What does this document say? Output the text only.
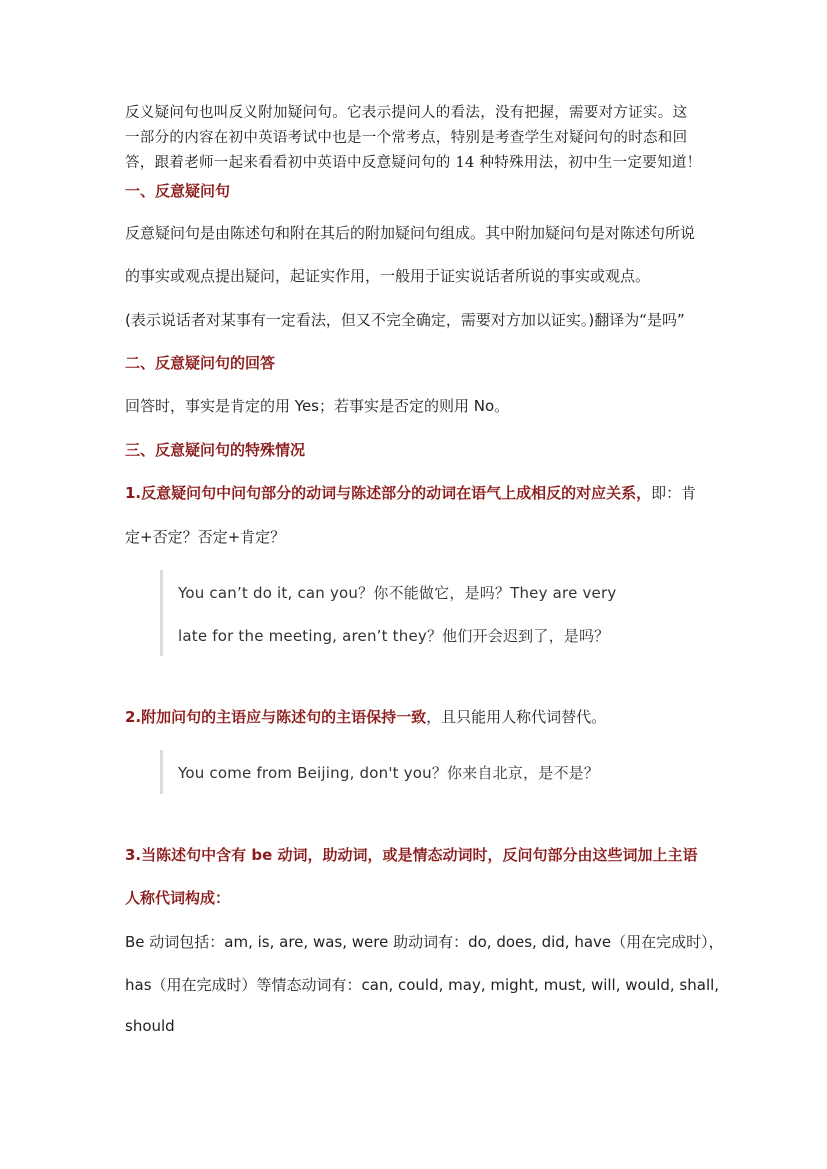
反义疑问句也叫反义附加疑问句。它表示提问人的看法，没有把握，需要对方证实。这
一部分的内容在初中英语考试中也是一个常考点，特别是考查学生对疑问句的时态和回
答，跟着老师一起来看看初中英语中反意疑问句的 14 种特殊用法，初中生一定要知道！
一、反意疑问句
反意疑问句是由陈述句和附在其后的附加疑问句组成。其中附加疑问句是对陈述句所说
的事实或观点提出疑问，起证实作用，一般用于证实说话者所说的事实或观点。
(表示说话者对某事有一定看法，但又不完全确定，需要对方加以证实。)翻译为“是吗”
二、反意疑问句的回答
回答时，事实是肯定的用 Yes；若事实是否定的则用 No。
三、反意疑问句的特殊情况
1.反意疑问句中问句部分的动词与陈述部分的动词在语气上成相反的对应关系，即：肯
定+否定？否定+肯定？
You can’t do it, can you？你不能做它，是吗？They are very
late for the meeting, aren’t they？他们开会迟到了，是吗？
2.附加问句的主语应与陈述句的主语保持一致，且只能用人称代词替代。
You come from Beijing, don't you？你来自北京，是不是？
3.当陈述句中含有 be 动词，助动词，或是情态动词时，反问句部分由这些词加上主语
人称代词构成：
Be 动词包括：am, is, are, was, were 助动词有：do, does, did, have（用在完成时），
has（用在完成时）等情态动词有：can, could, may, might, must, will, would, shall,
should
